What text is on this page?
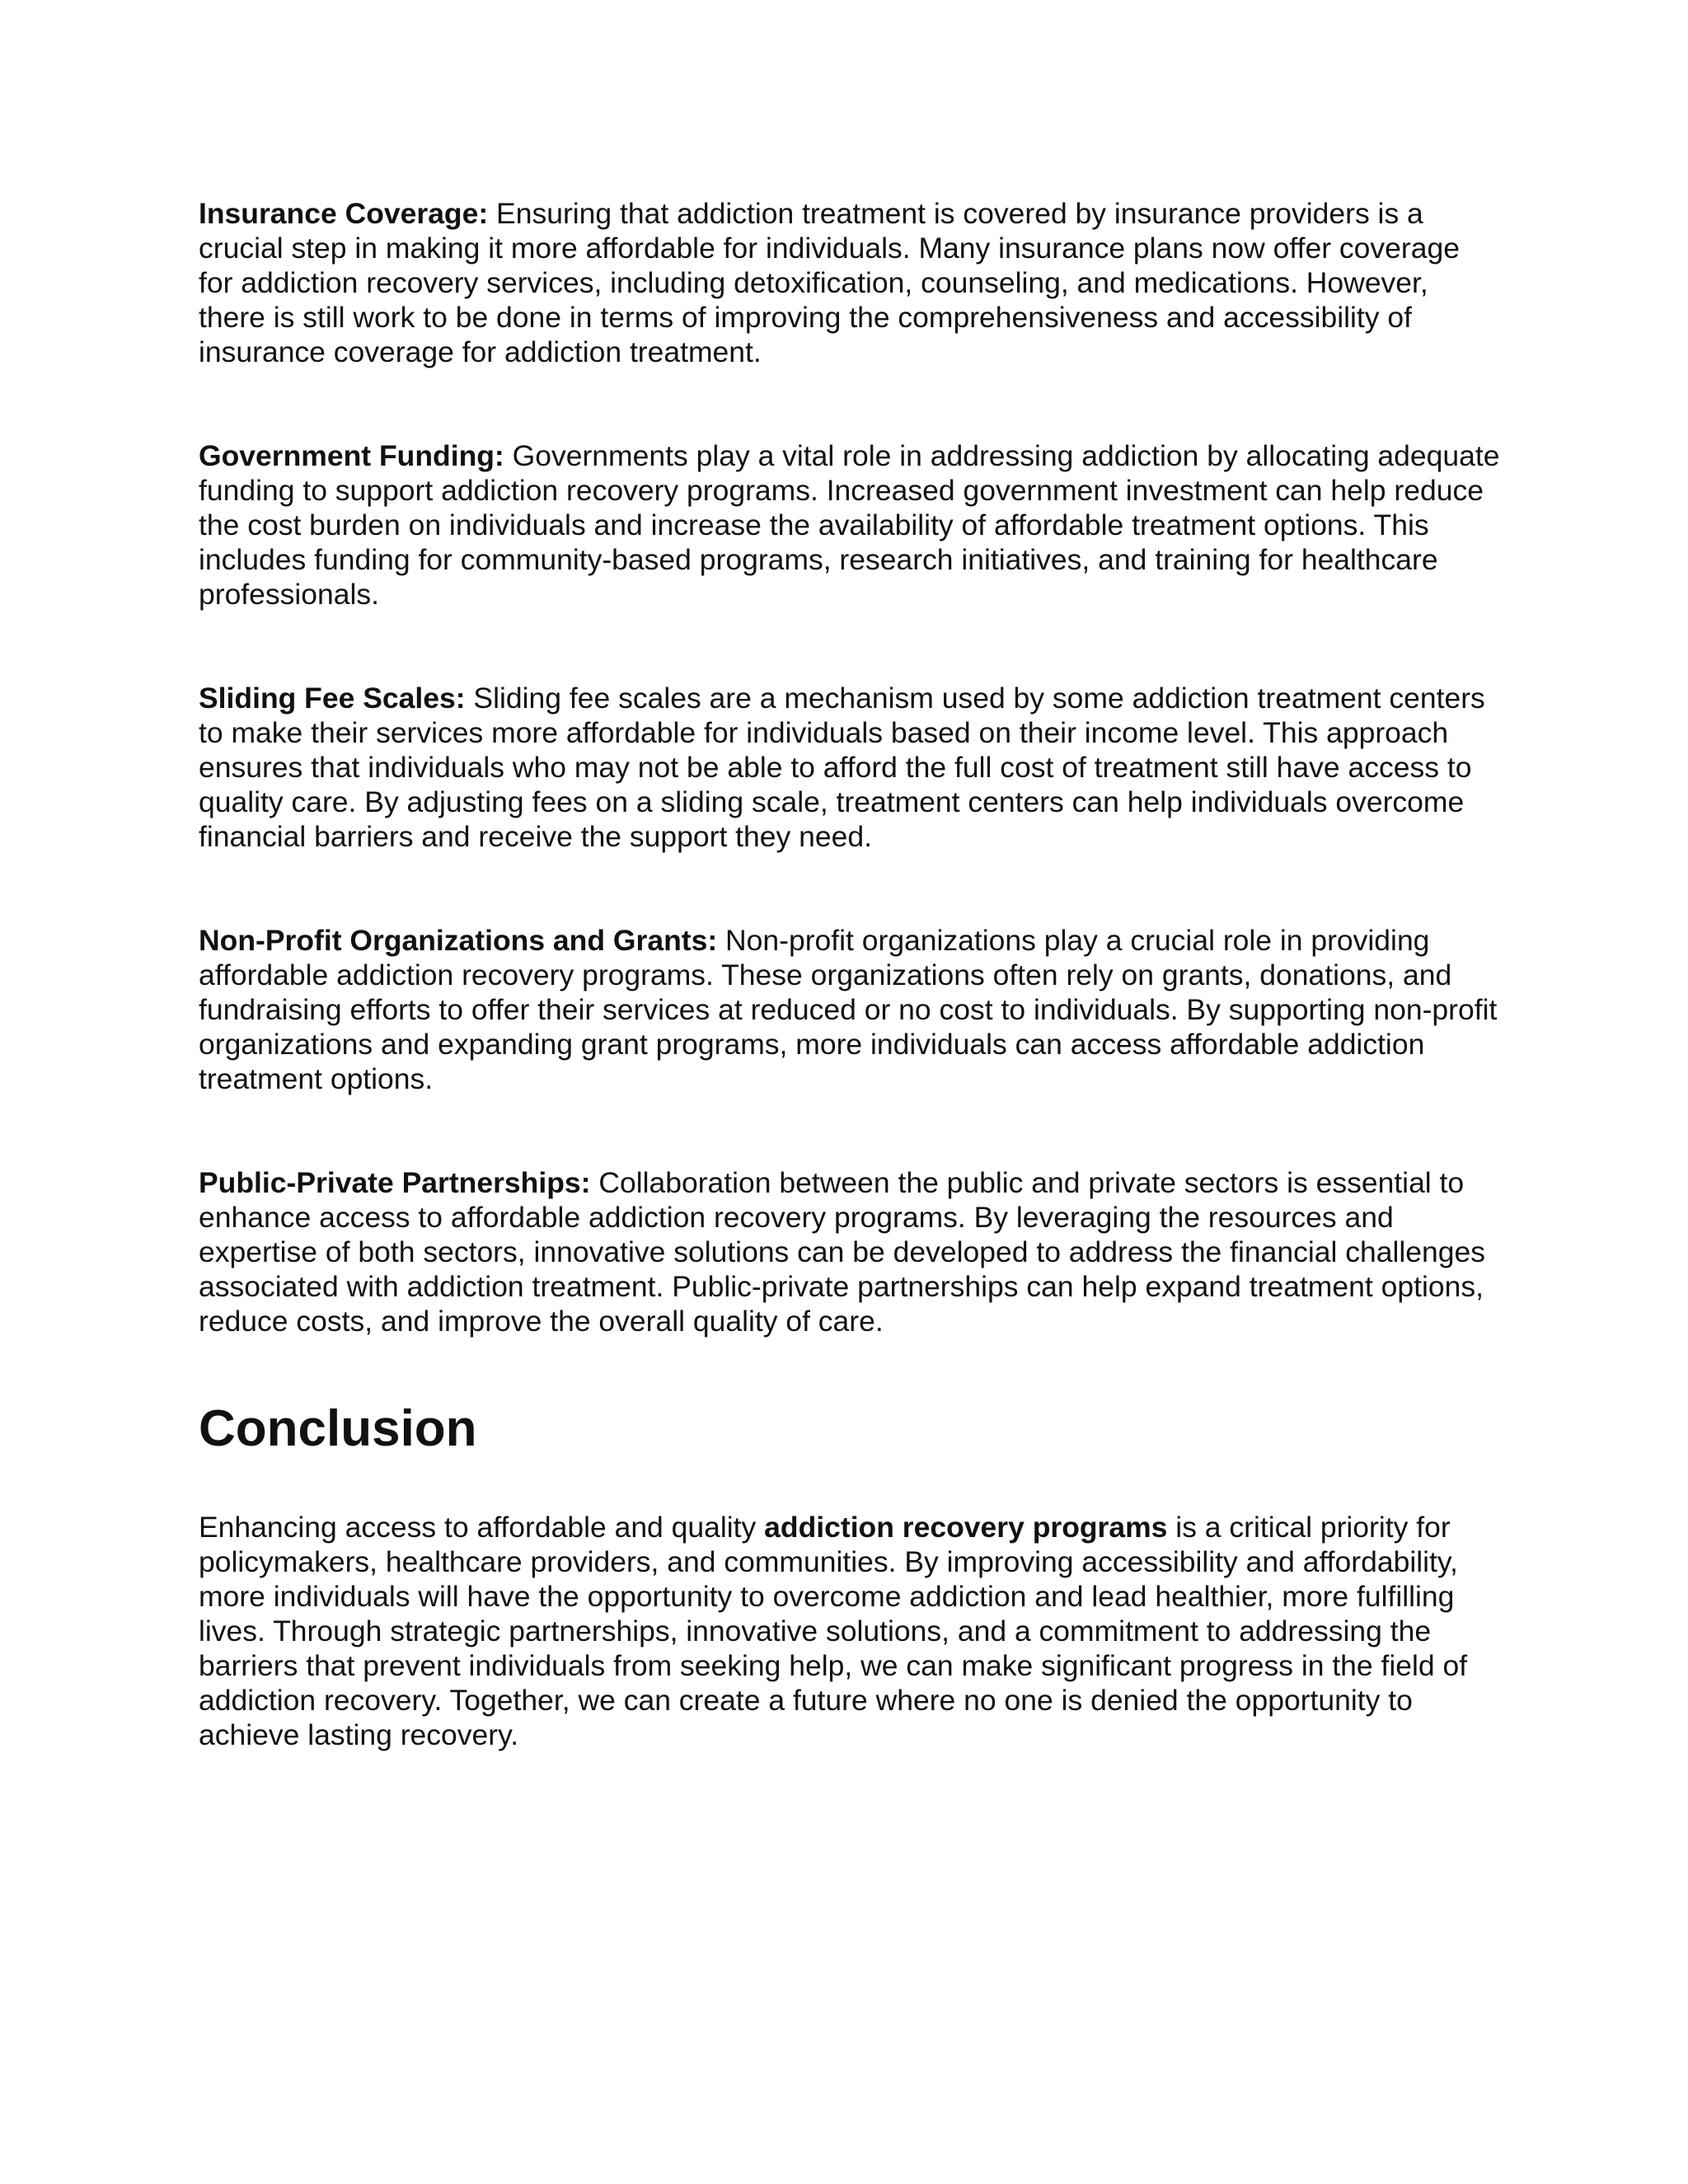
Insurance Coverage: Ensuring that addiction treatment is covered by insurance providers is a crucial step in making it more affordable for individuals. Many insurance plans now offer coverage for addiction recovery services, including detoxification, counseling, and medications. However, there is still work to be done in terms of improving the comprehensiveness and accessibility of insurance coverage for addiction treatment.

Government Funding: Governments play a vital role in addressing addiction by allocating adequate funding to support addiction recovery programs. Increased government investment can help reduce the cost burden on individuals and increase the availability of affordable treatment options. This includes funding for community-based programs, research initiatives, and training for healthcare professionals.

Sliding Fee Scales: Sliding fee scales are a mechanism used by some addiction treatment centers to make their services more affordable for individuals based on their income level. This approach ensures that individuals who may not be able to afford the full cost of treatment still have access to quality care. By adjusting fees on a sliding scale, treatment centers can help individuals overcome financial barriers and receive the support they need.

Non-Profit Organizations and Grants: Non-profit organizations play a crucial role in providing affordable addiction recovery programs. These organizations often rely on grants, donations, and fundraising efforts to offer their services at reduced or no cost to individuals. By supporting non-profit organizations and expanding grant programs, more individuals can access affordable addiction treatment options.

Public-Private Partnerships: Collaboration between the public and private sectors is essential to enhance access to affordable addiction recovery programs. By leveraging the resources and expertise of both sectors, innovative solutions can be developed to address the financial challenges associated with addiction treatment. Public-private partnerships can help expand treatment options, reduce costs, and improve the overall quality of care.

Conclusion

Enhancing access to affordable and quality addiction recovery programs is a critical priority for policymakers, healthcare providers, and communities. By improving accessibility and affordability, more individuals will have the opportunity to overcome addiction and lead healthier, more fulfilling lives. Through strategic partnerships, innovative solutions, and a commitment to addressing the barriers that prevent individuals from seeking help, we can make significant progress in the field of addiction recovery. Together, we can create a future where no one is denied the opportunity to achieve lasting recovery.
